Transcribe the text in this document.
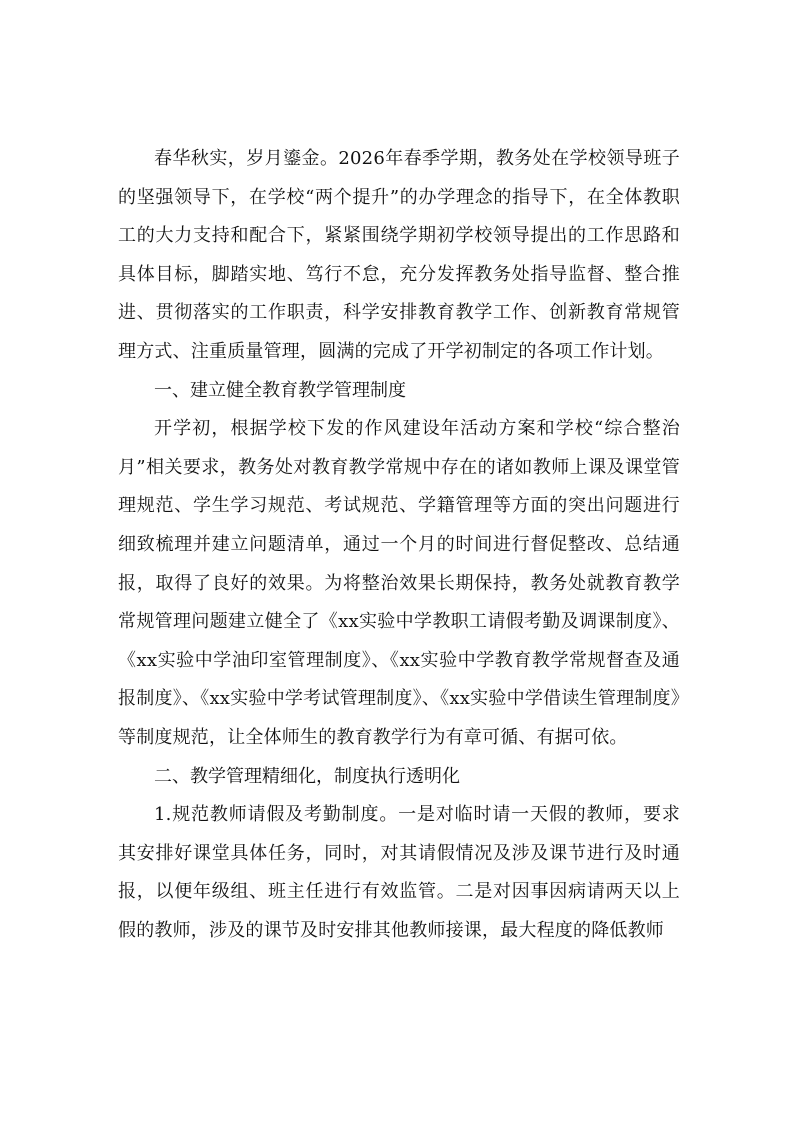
春华秋实，岁月鎏金。2026年春季学期，教务处在学校领导班子的坚强领导下，在学校“两个提升”的办学理念的指导下，在全体教职工的大力支持和配合下，紧紧围绕学期初学校领导提出的工作思路和具体目标，脚踏实地、笃行不怠，充分发挥教务处指导监督、整合推进、贯彻落实的工作职责，科学安排教育教学工作、创新教育常规管理方式、注重质量管理，圆满的完成了开学初制定的各项工作计划。

一、建立健全教育教学管理制度

开学初，根据学校下发的作风建设年活动方案和学校“综合整治月”相关要求，教务处对教育教学常规中存在的诸如教师上课及课堂管理规范、学生学习规范、考试规范、学籍管理等方面的突出问题进行细致梳理并建立问题清单，通过一个月的时间进行督促整改、总结通报，取得了良好的效果。为将整治效果长期保持，教务处就教育教学常规管理问题建立健全了《xx实验中学教职工请假考勤及调课制度》、《xx实验中学油印室管理制度》、《xx实验中学教育教学常规督查及通报制度》、《xx实验中学考试管理制度》、《xx实验中学借读生管理制度》等制度规范，让全体师生的教育教学行为有章可循、有据可依。

二、教学管理精细化，制度执行透明化

1.规范教师请假及考勤制度。一是对临时请一天假的教师，要求其安排好课堂具体任务，同时，对其请假情况及涉及课节进行及时通报，以便年级组、班主任进行有效监管。二是对因事因病请两天以上假的教师，涉及的课节及时安排其他教师接课，最大程度的降低教师
